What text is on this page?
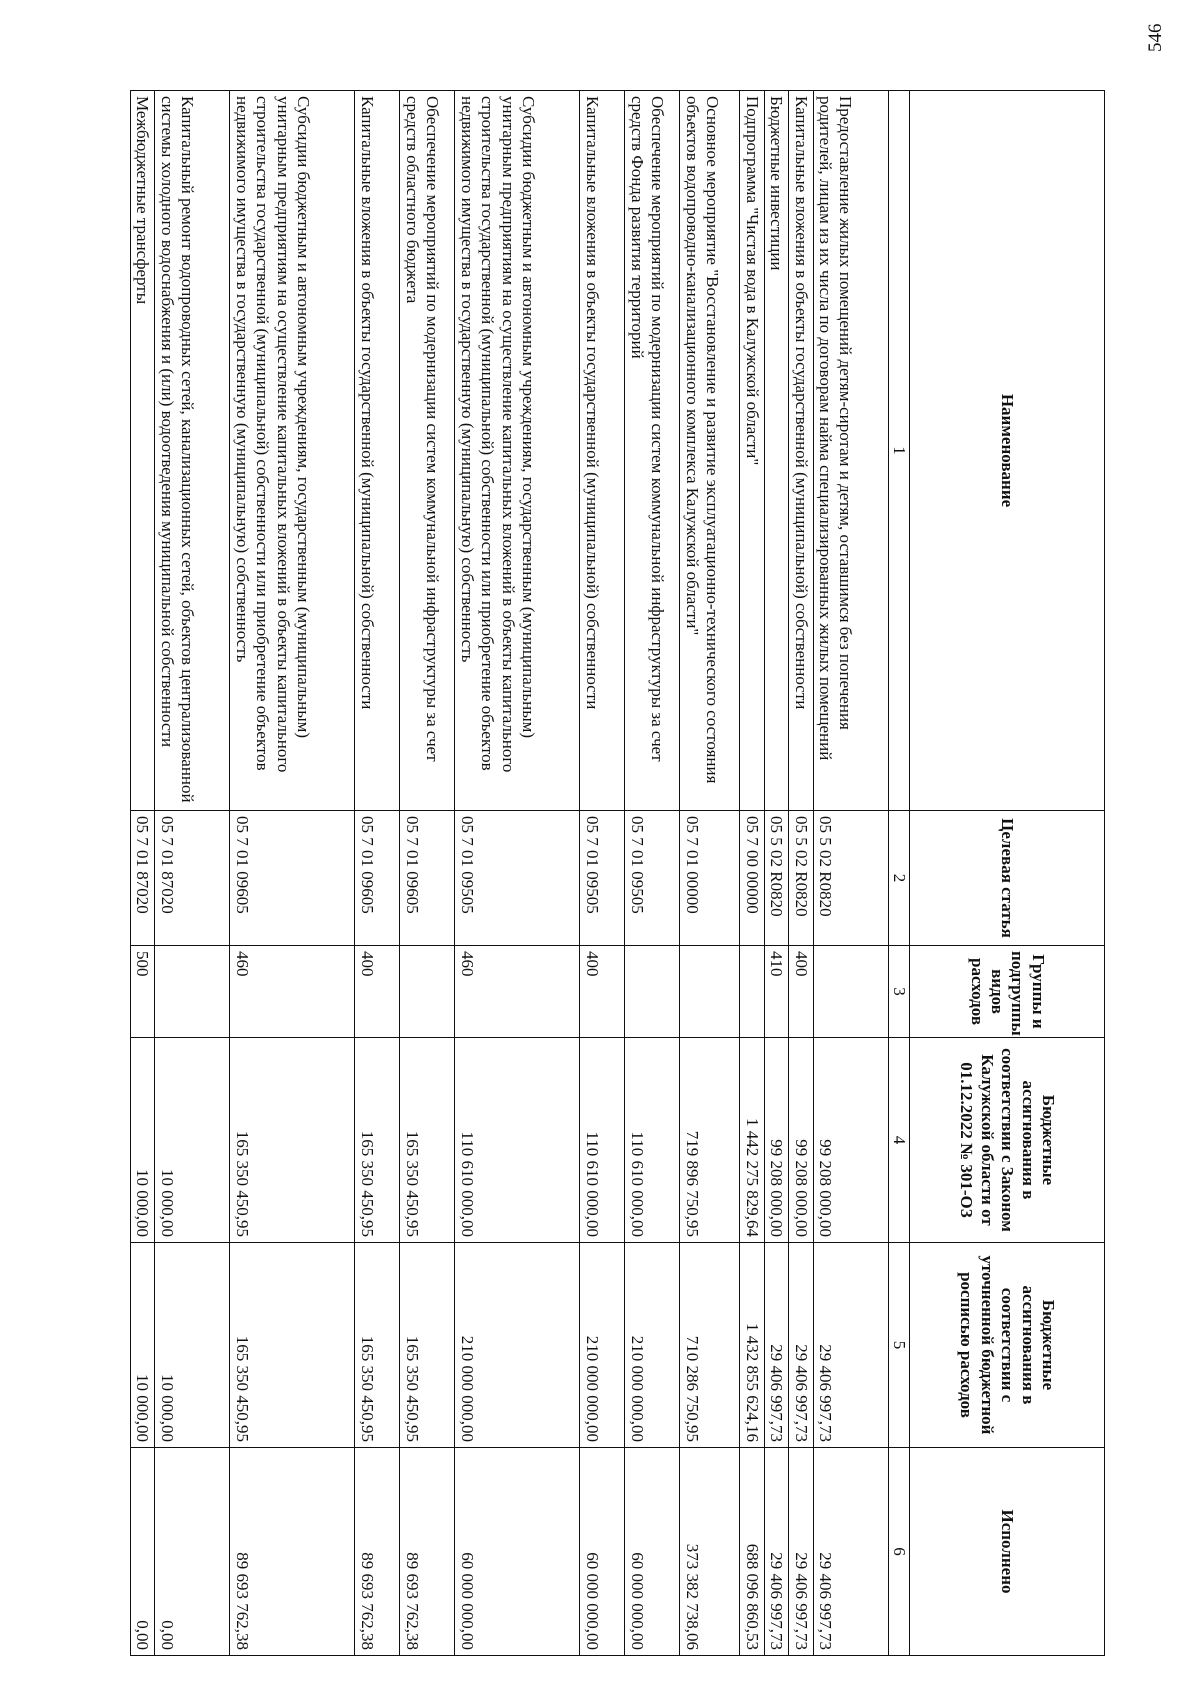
546
Наименование	Целевая статья	Группы и подгруппы видов расходов	Бюджетные ассигнования в соответствии с Законом Калужской области от 01.12.2022 № 301-ОЗ	Бюджетные ассигнования в соответствии с уточненной бюджетной росписью расходов	Исполнено
1	2	3	4	5	6
Предоставление жилых помещений детям-сиротам и детям, оставшимся без попечения родителей, лицам из их числа по договорам найма специализированных жилых помещений	05 5 02 R0820		99 208 000,00	29 406 997,73	29 406 997,73
Капитальные вложения в объекты государственной (муниципальной) собственности	05 5 02 R0820	400	99 208 000,00	29 406 997,73	29 406 997,73
Бюджетные инвестиции	05 5 02 R0820	410	99 208 000,00	29 406 997,73	29 406 997,73
Подпрограмма "Чистая вода в Калужской области"	05 7 00 00000		1 442 275 829,64	1 432 855 624,16	688 096 860,53
Основное мероприятие "Восстановление и развитие эксплуатационно-технического состояния объектов водопроводно-канализационного комплекса Калужской области"	05 7 01 00000		719 896 750,95	710 286 750,95	373 382 738,06
Обеспечение мероприятий по модернизации систем коммунальной инфраструктуры за счет средств Фонда развития территорий	05 7 01 09505		110 610 000,00	210 000 000,00	60 000 000,00
Капитальные вложения в объекты государственной (муниципальной) собственности	05 7 01 09505	400	110 610 000,00	210 000 000,00	60 000 000,00
Субсидии бюджетным и автономным учреждениям, государственным (муниципальным) унитарным предприятиям на осуществление капитальных вложений в объекты капитального строительства государственной (муниципальной) собственности или приобретение объектов недвижимого имущества в государственную (муниципальную) собственность	05 7 01 09505	460	110 610 000,00	210 000 000,00	60 000 000,00
Обеспечение мероприятий по модернизации систем коммунальной инфраструктуры за счет средств областного бюджета	05 7 01 09605		165 350 450,95	165 350 450,95	89 693 762,38
Капитальные вложения в объекты государственной (муниципальной) собственности	05 7 01 09605	400	165 350 450,95	165 350 450,95	89 693 762,38
Субсидии бюджетным и автономным учреждениям, государственным (муниципальным) унитарным предприятиям на осуществление капитальных вложений в объекты капитального строительства государственной (муниципальной) собственности или приобретение объектов недвижимого имущества в государственную (муниципальную) собственность	05 7 01 09605	460	165 350 450,95	165 350 450,95	89 693 762,38
Капитальный ремонт водопроводных сетей, канализационных сетей, объектов централизованной системы холодного водоснабжения и (или) водоотведения муниципальной собственности	05 7 01 87020		10 000,00	10 000,00	0,00
Межбюджетные трансферты	05 7 01 87020	500	10 000,00	10 000,00	0,00
